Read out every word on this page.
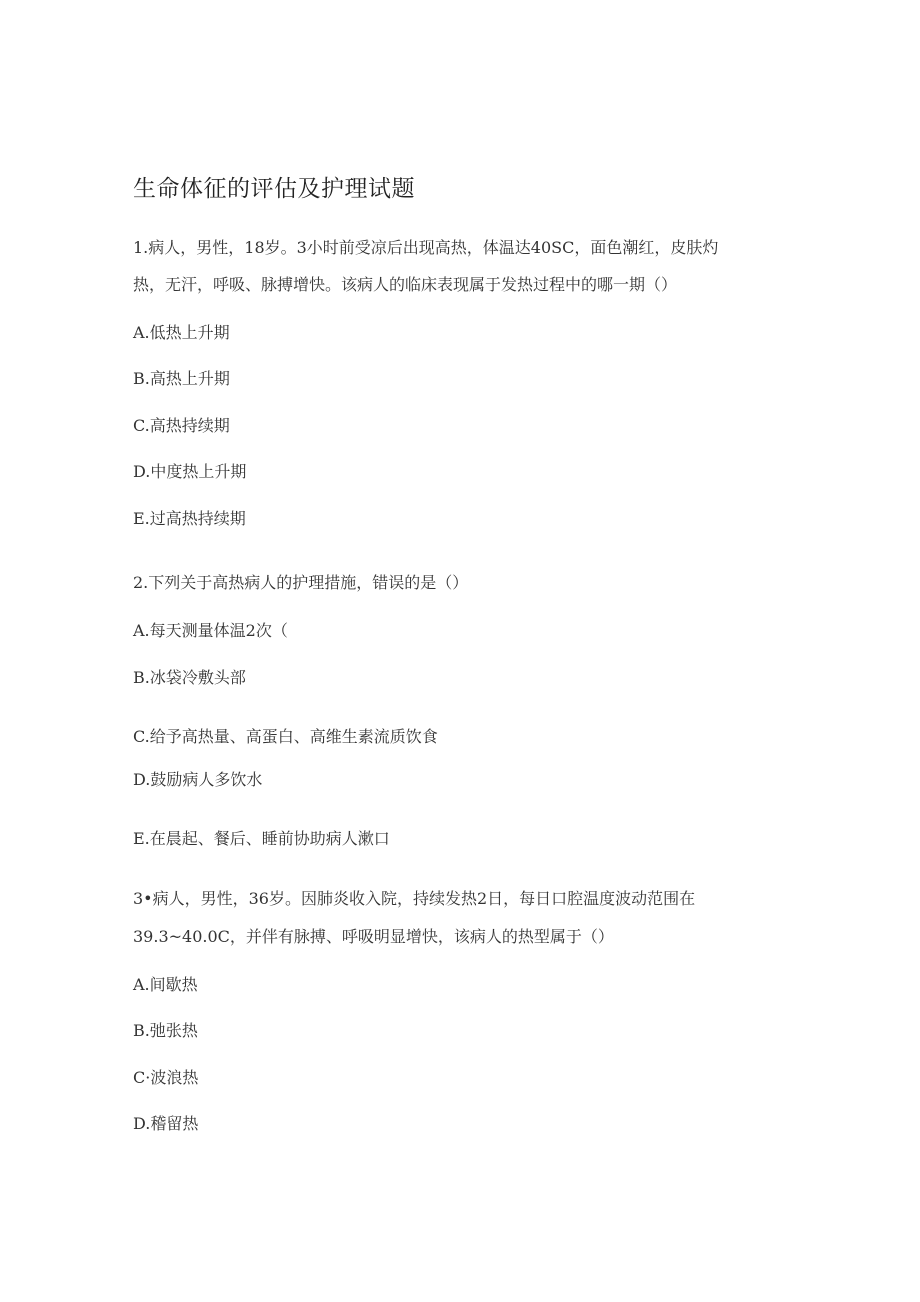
生命体征的评估及护理试题
1.病人，男性，18岁。3小时前受凉后出现高热，体温达40SC，面色潮红，皮肤灼
热，无汗，呼吸、脉搏增快。该病人的临床表现属于发热过程中的哪一期（）
A.低热上升期
B.高热上升期
C.高热持续期
D.中度热上升期
E.过高热持续期
2.下列关于高热病人的护理措施，错误的是（）
A.每天测量体温2次（
B.冰袋冷敷头部
C.给予高热量、高蛋白、高维生素流质饮食
D.鼓励病人多饮水
E.在晨起、餐后、睡前协助病人漱口
3•病人，男性，36岁。因肺炎收入院，持续发热2日，每日口腔温度波动范围在
39.3~40.0C，并伴有脉搏、呼吸明显增快，该病人的热型属于（）
A.间歇热
B.弛张热
C·波浪热
D.稽留热
